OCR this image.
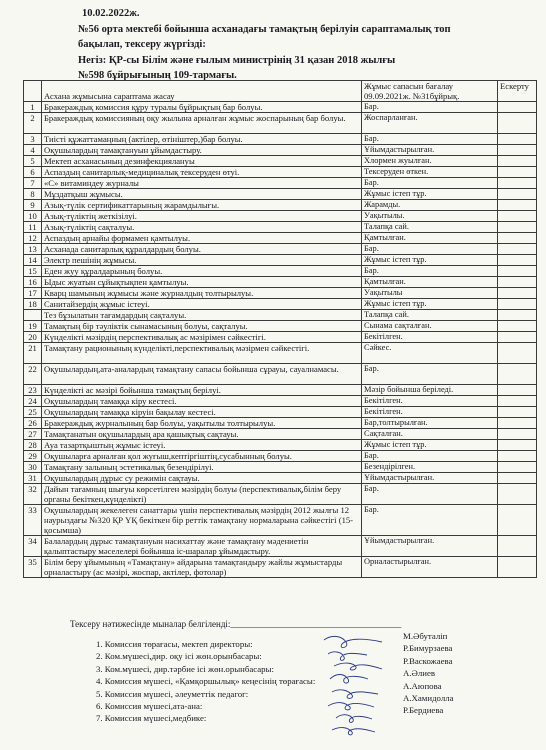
10.02.2022ж.
№56 орта мектебі бойынша асханадағы тамақтың берілуін сараптамалық топ
бақылап, тексеру жүргізді:
Негіз: ҚР-сы Білім және ғылым министрінің 31 қазан 2018 жылғы
№598 бұйрығының 109-тармағы.
	Асхана жұмысына сараптама жасау	Жұмыс сапасын бағалау 09.09.2021ж. №31бұйрық.	Ескерту
1	Бракераждық комиссия құру туралы бұйрықтың бар болуы.	Бар.	
2	Бракераждық комиссияның оқу жылына арналған жұмыс жоспарының бар болуы.	Жоспарланған.	
3	Тиісті құжаттамаңның (актілер, өтініштер,)бар болуы.	Бар.	
4	Оқушылардың тамақтануын ұйымдастыру.	Ұйымдастырылған.	
5	Мектеп асханасының дезинфекциялануы	Хлормен жуылған.	
6	Аспаздың санитарлық-медициналық тексеруден өтуі.	Тексеруден өткен.	
7	«С» витаминдеу журналы	Бар.	
8	Мұздатқыш жұмысы.	Жұмыс істеп тұр.	
9	Азық-түлік сертификаттарының жарамдылығы.	Жарамды.	
10	Азық-түліктің жеткізілуі.	Уақытылы.	
11	Азық-түліктің сақталуы.	Талапқа сай.	
12	Аспаздың арнайы формамен қамтылуы.	Қамтылған.	
13	Асханада санитарлық құралдардың болуы.	Бар.	
14	Электр пешінің жұмысы.	Жұмыс істеп тұр.	
15	Еден жуу құралдарының болуы.	Бар.	
16	Ыдыс жуатын сұйықтықпен қамтылуы.	Қамтылған.	
17	Кварц шамының жұмысы және журналдың толтырылуы.	Уақытылы	
18	Санитайзердің жұмыс істеуі.	Жұмыс істеп тұр.	
	Тез бұзылатын тағамдардың сақталуы.	Талапқа сай.	
19	Тамақтың бір тәуліктік сынамасының болуы, сақталуы.	Сынама сақталған.	
20	Күнделікті мәзірдің перспективалық ас мәзірімен сәйкестігі.	Бекітілген.	
21	Тамақтану рационының күнделікті,перспективалық мәзірмен сәйкестігі.	Сәйкес.	
22	Оқушылардың,ата-аналардың тамақтану сапасы бойынша сұрауы, сауалнамасы.	Бар.	
23	Күнделікті ас мәзірі бойынша тамақтың берілуі.	Мәзір бойынша беріледі.	
24	Оқушылардың тамаққа кіру кестесі.	Бекітілген.	
25	Оқушылардың тамаққа кіруін бақылау кестесі.	Бекітілген.	
26	Бракераждық журналының бар болуы, уақытылы толтырылуы.	Бар,толтырылған.	
27	Тамақтанатын оқушылардың ара қашықтық сақтауы.	Сақталған.	
28	Ауа тазартқыштың жұмыс істеуі.	Жұмыс істеп тұр.	
29	Оқушыларға арналған қол жуғыш,кептіргіштің,сусабынның болуы.	Бар.	
30	Тамақтану залының эстетикалық безендірілуі.	Безендірілген.	
31	Оқушылардың дұрыс су режимін сақтауы.	Ұйымдастырылған.	
32	Дайын тағамның шығуы көрсетілген мәзірдің болуы (перспективалық,білім беру органы бекіткен,күнделікті)	Бар.	
33	Оқушылардың жекелеген санаттары үшін перспективалық мәзірдің 2012 жылғы 12 наурыздағы №320 ҚР ҮҚ бекіткен бір реттік тамақтану нормаларына сәйкестігі (15-қосымша)	Бар.	
34	Балалардың дұрыс тамақтануын насихаттау және тамақтану мәдениетін қалыптастыру мәселелері бойынша іс-шаралар ұйымдастыру.	Ұйымдастырылған.	
35	Білім беру ұйымының «Тамақтану» айдарына тамақтандыру жайлы жұмыстарды орналастыру (ас мәзірі, жоспар, актілер, фотолар)	Орналастырылған.	
Тексеру нәтижесінде мыналар белгіленді:______________________________________
1. Комиссия төрағасы, мектеп директоры:
2. Ком.мүшесі,дир. оқу ісі жөн.орынбасары:
3. Ком.мүшесі, дир.тәрбие ісі жөн.орынбасары:
4. Комиссия мүшесі, «Қамқоршылық» кеңесінің төрағасы:
5. Комиссия мүшесі, әлеуметтік педагог:
6. Комиссия мүшесі,ата-ана:
7. Комиссия мүшесі,медбике:
М.Әбуталіп
Р.Бимурзаева
Р.Васкожаева
А.Әлиев
А.Аюпова
А.Хамидолла
Р.Бердиева
